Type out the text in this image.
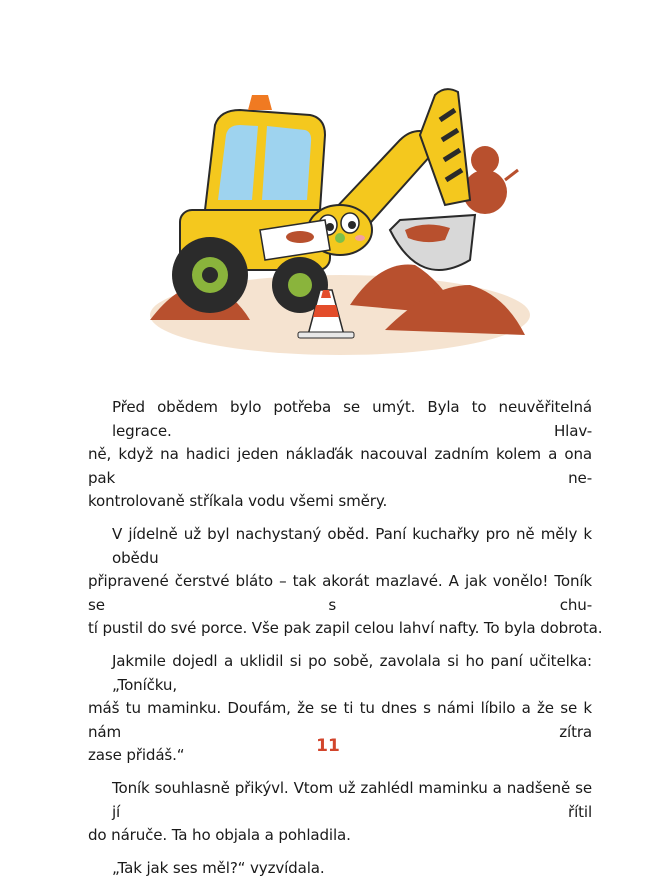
Před obědem bylo potřeba se umýt. Byla to neuvěřitelná legrace. Hlav-
ně, když na hadici jeden náklaďák nacouval zadním kolem a ona pak ne-
kontrolovaně stříkala vodu všemi směry.

V jídelně už byl nachystaný oběd. Paní kuchařky pro ně měly k obědu
připravené čerstvé bláto – tak akorát mazlavé. A jak vonělo! Toník se s chu-
tí pustil do své porce. Vše pak zapil celou lahví nafty. To byla dobrota.

Jakmile dojedl a uklidil si po sobě, zavolala si ho paní učitelka: „Toníčku,
máš tu maminku. Doufám, že se ti tu dnes s námi líbilo a že se k nám zítra
zase přidáš.“

Toník souhlasně přikývl. Vtom už zahlédl maminku a nadšeně se jí řítil
do náruče. Ta ho objala a pohladila.

„Tak jak ses měl?“ vyzvídala.

11
